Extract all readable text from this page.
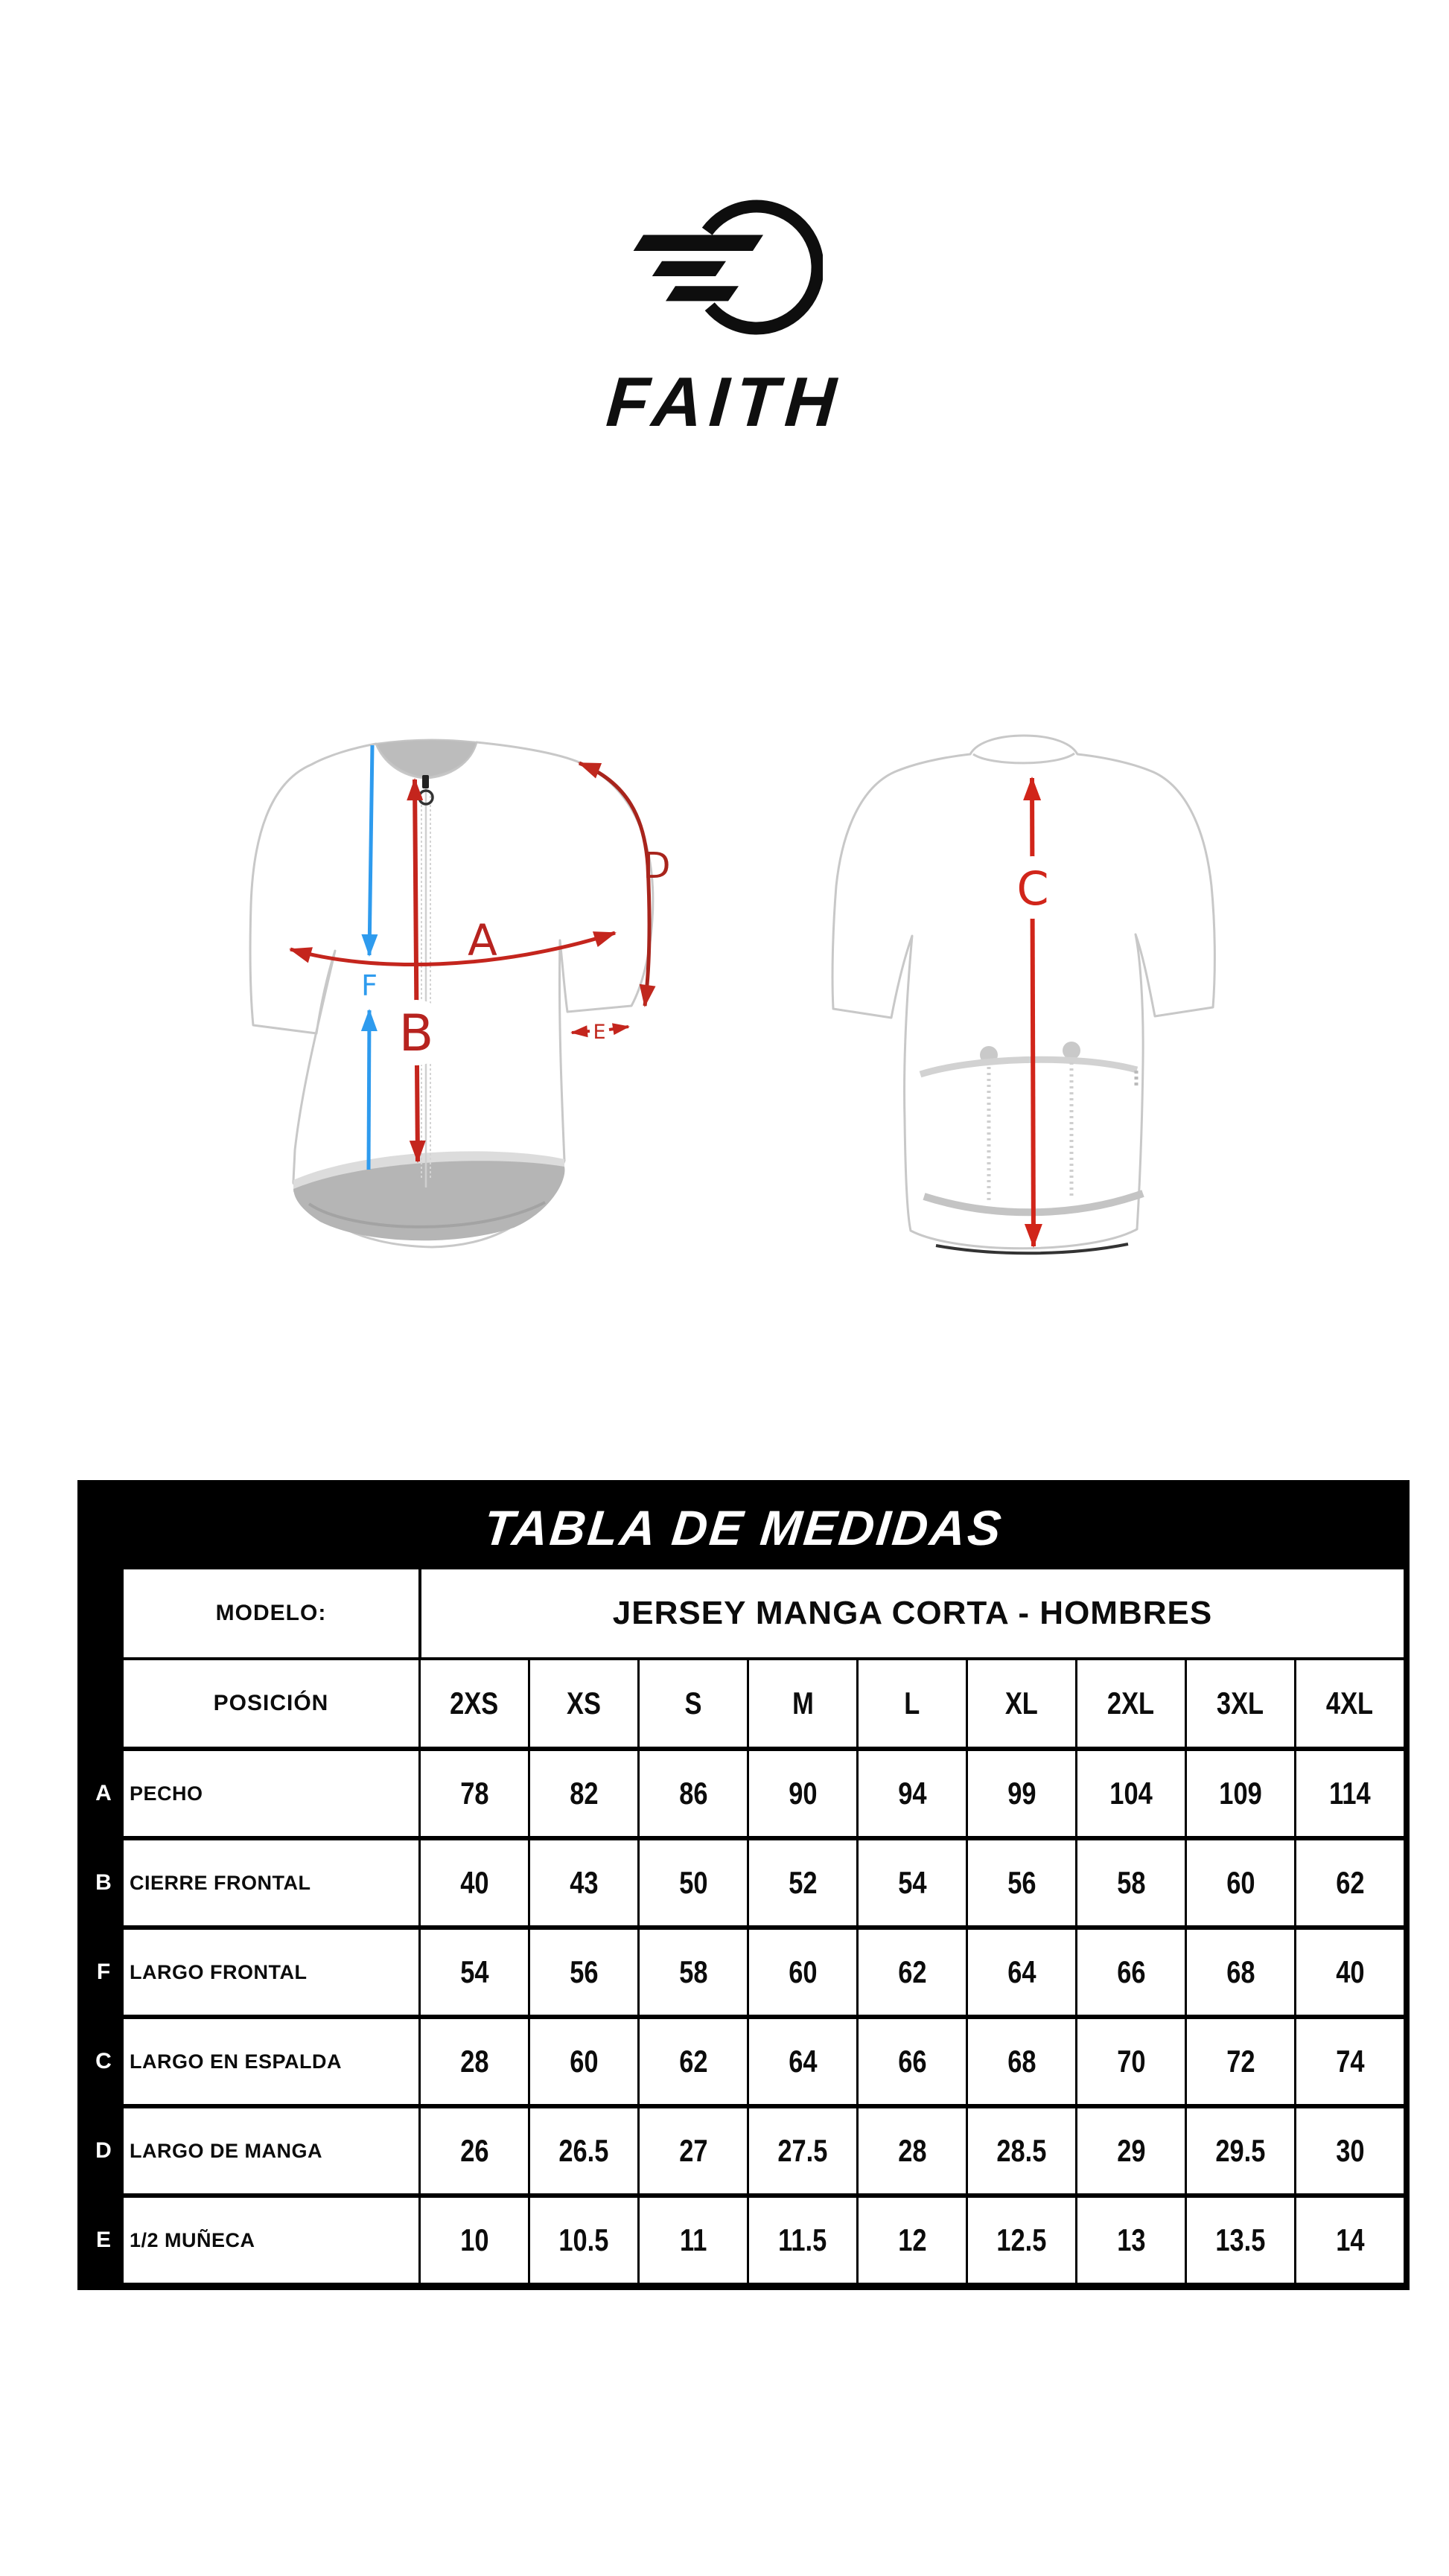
FAITH
B
F
A
D
E
C
TABLA DE MEDIDAS
MODELO:	JERSEY MANGA CORTA - HOMBRES
POSICIÓN	2XS XS	S	M	L	XL 2XL 3XL 4XL
A PECHO	78	82	86	90	94	99 104 109 114
B CIERRE FRONTAL	40	43	50	52	54	56	58	60	62
F LARGO FRONTAL	54	56	58	60	62	64	66	68	40
C LARGO EN ESPALDA	28	60	62	64	66	68	70	72	74
D LARGO DE MANGA	26 26.5 27 27.5 28 28.5 29 29.5 30
E 1/2 MUÑECA	10 10.5 11 11.5 12 12.5 13 13.5 14
